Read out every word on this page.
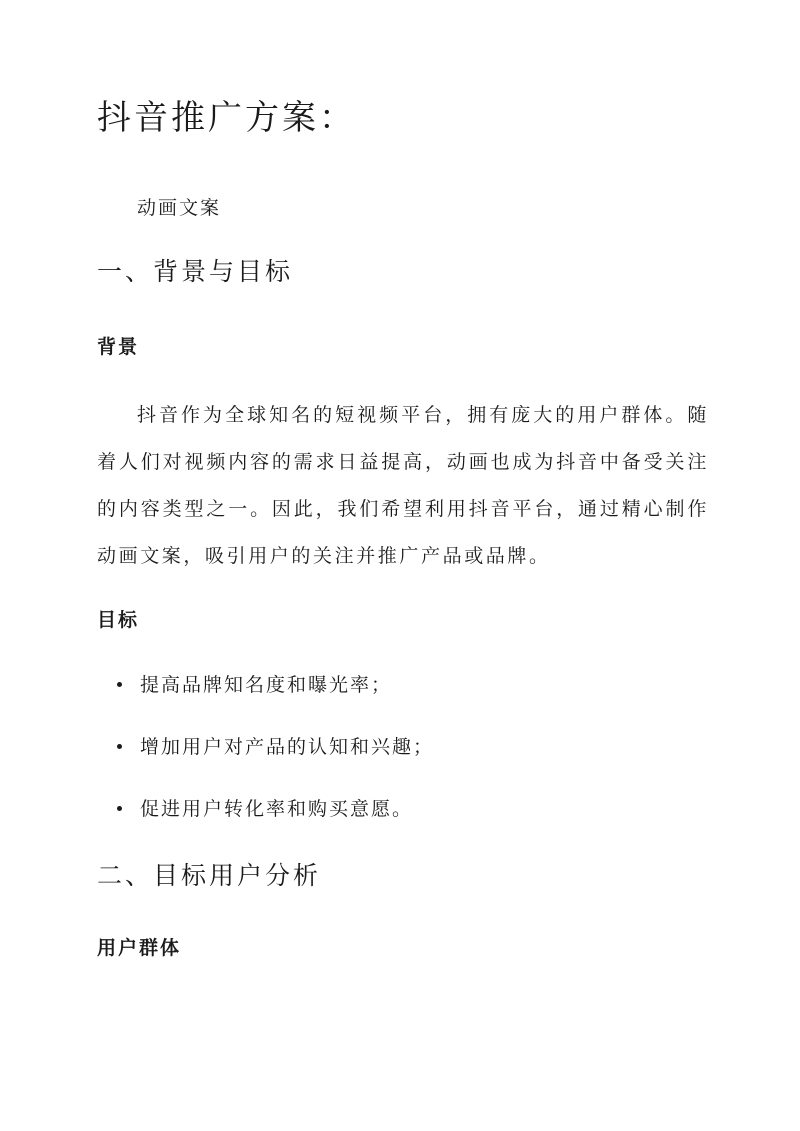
抖音推广方案：

动画文案

一、背景与目标
背景

抖音作为全球知名的短视频平台，拥有庞大的用户群体。随着人们对视频内容的需求日益提高，动画也成为抖音中备受关注的内容类型之一。因此，我们希望利用抖音平台，通过精心制作动画文案，吸引用户的关注并推广产品或品牌。

目标
提高品牌知名度和曝光率；
增加用户对产品的认知和兴趣；
促进用户转化率和购买意愿。
二、目标用户分析
用户群体
